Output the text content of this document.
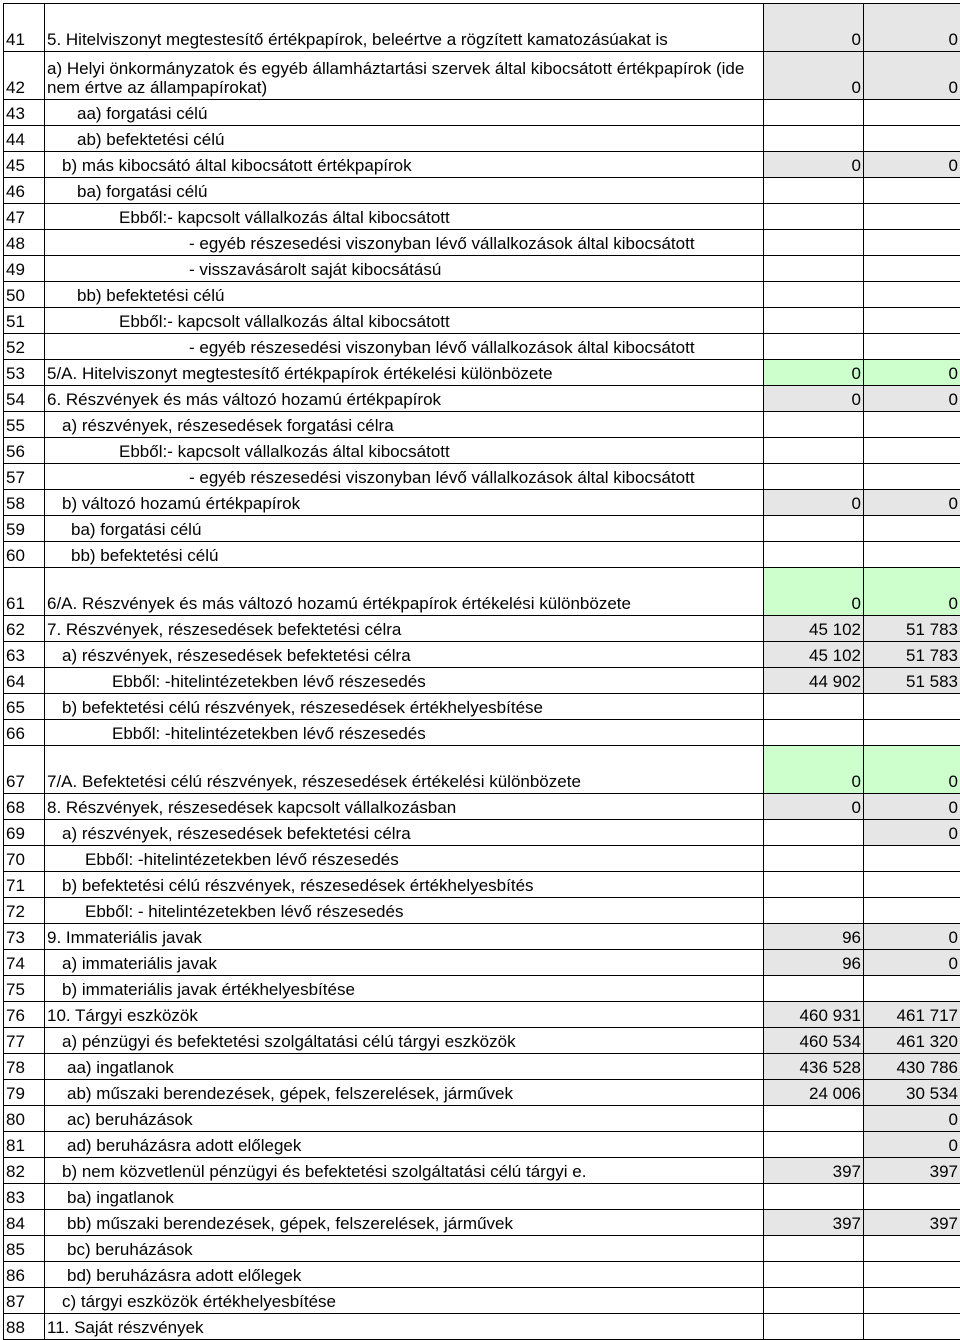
41	5. Hitelviszonyt megtestesítő értékpapírok, beleértve a rögzített kamatozásúakat is	0	0
42	a) Helyi önkormányzatok és egyéb államháztartási szervek által kibocsátott értékpapírok (ide nem értve az állampapírokat)	0	0
43	aa) forgatási célú		
44	ab) befektetési célú		
45	b) más kibocsátó által kibocsátott értékpapírok	0	0
46	ba) forgatási célú		
47	Ebből:- kapcsolt vállalkozás által kibocsátott		
48	- egyéb részesedési viszonyban lévő vállalkozások által kibocsátott		
49	- visszavásárolt saját kibocsátású		
50	bb) befektetési célú		
51	Ebből:- kapcsolt vállalkozás által kibocsátott		
52	- egyéb részesedési viszonyban lévő vállalkozások által kibocsátott		
53	5/A. Hitelviszonyt megtestesítő értékpapírok értékelési különbözete	0	0
54	6. Részvények és más változó hozamú értékpapírok	0	0
55	a) részvények, részesedések forgatási célra		
56	Ebből:- kapcsolt vállalkozás által kibocsátott		
57	- egyéb részesedési viszonyban lévő vállalkozások által kibocsátott		
58	b) változó hozamú értékpapírok	0	0
59	ba) forgatási célú		
60	bb) befektetési célú		
61	6/A. Részvények és más változó hozamú értékpapírok értékelési különbözete	0	0
62	7. Részvények, részesedések befektetési célra	45 102	51 783
63	a) részvények, részesedések befektetési célra	45 102	51 783
64	Ebből: -hitelintézetekben lévő részesedés	44 902	51 583
65	b) befektetési célú részvények, részesedések értékhelyesbítése		
66	Ebből: -hitelintézetekben lévő részesedés		
67	7/A. Befektetési célú részvények, részesedések értékelési különbözete	0	0
68	8. Részvények, részesedések kapcsolt vállalkozásban	0	0
69	a) részvények, részesedések befektetési célra		0
70	Ebből: -hitelintézetekben lévő részesedés		
71	b) befektetési célú részvények, részesedések értékhelyesbítés		
72	Ebből: - hitelintézetekben lévő részesedés		
73	9. Immateriális javak	96	0
74	a) immateriális javak	96	0
75	b) immateriális javak értékhelyesbítése		
76	10. Tárgyi eszközök	460 931	461 717
77	a) pénzügyi és befektetési szolgáltatási célú tárgyi eszközök	460 534	461 320
78	aa) ingatlanok	436 528	430 786
79	ab) műszaki berendezések, gépek, felszerelések, járművek	24 006	30 534
80	ac) beruházások		0
81	ad) beruházásra adott előlegek		0
82	b) nem közvetlenül pénzügyi és befektetési szolgáltatási célú tárgyi e.	397	397
83	ba) ingatlanok		
84	bb) műszaki berendezések, gépek, felszerelések, járművek	397	397
85	bc) beruházások		
86	bd) beruházásra adott előlegek		
87	c) tárgyi eszközök értékhelyesbítése		
88	11. Saját részvények		
